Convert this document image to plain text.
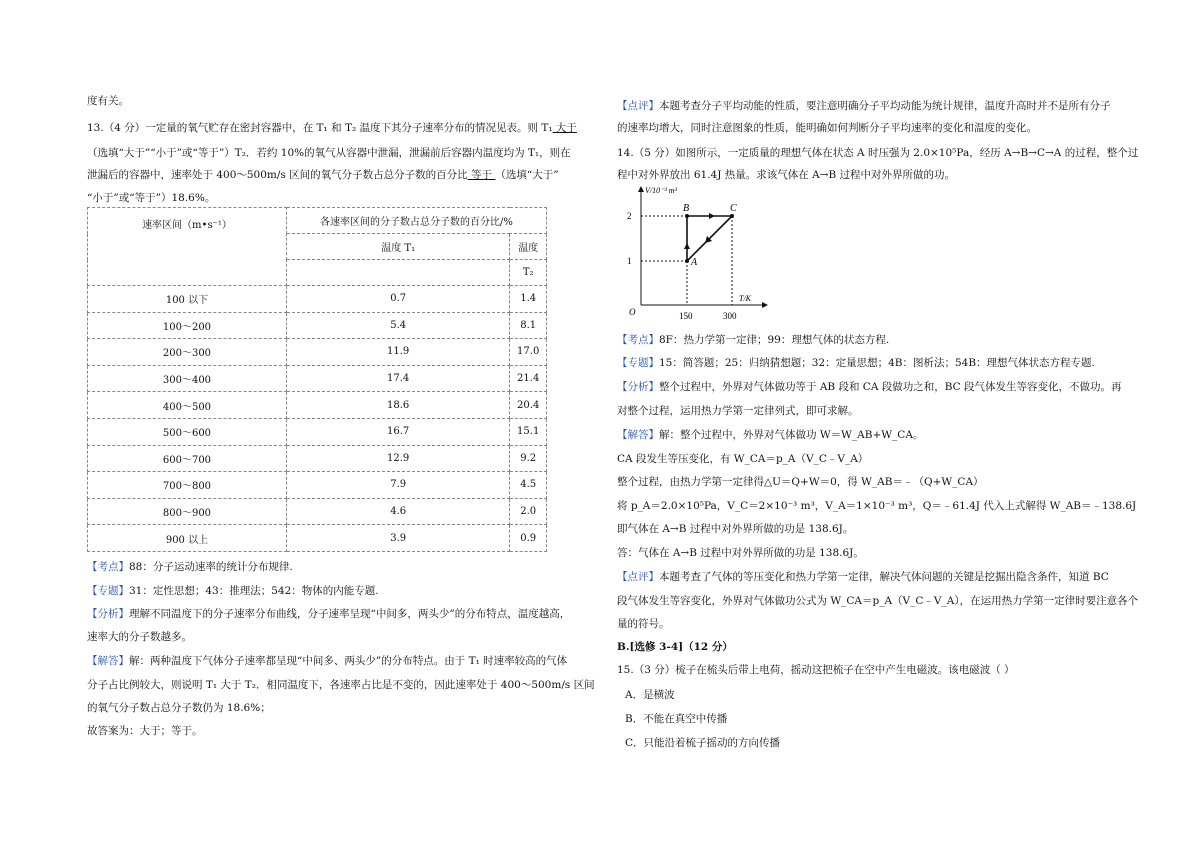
度有关。
13.（4 分）一定量的氧气贮存在密封容器中，在 T₁ 和 T₂ 温度下其分子速率分布的情况见表。则 T₁ 大于
（选填“大于”“小于”或“等于”）T₂．若约 10%的氧气从容器中泄漏，泄漏前后容器内温度均为 T₁，则在
泄漏后的容器中，速率处于 400～500m/s 区间的氧气分子数占总分子数的百分比 等于 （选填“大于”
“小于”或“等于”）18.6%。
速率区间（m•s⁻¹）	各速率区间的分子数占总分子数的百分比/%	
	温度 T₁	温度
		T₂
100 以下	0.7	1.4
100～200	5.4	8.1
200～300	11.9	17.0
300～400	17.4	21.4
400～500	18.6	20.4
500～600	16.7	15.1
600～700	12.9	9.2
700～800	7.9	4.5
800～900	4.6	2.0
900 以上	3.9	0.9
【考点】88：分子运动速率的统计分布规律.
【专题】31：定性思想；43：推理法；542：物体的内能专题.
【分析】理解不同温度下的分子速率分布曲线，分子速率呈现“中间多，两头少”的分布特点，温度越高，
速率大的分子数越多。
【解答】解：两种温度下气体分子速率都呈现“中间多、两头少”的分布特点。由于 T₁ 时速率较高的气体
分子占比例较大，则说明 T₁ 大于 T₂．相同温度下，各速率占比是不变的，因此速率处于 400～500m/s 区间
的氧气分子数占总分子数仍为 18.6%；
故答案为：大于；等于。
【点评】本题考查分子平均动能的性质，要注意明确分子平均动能为统计规律，温度升高时并不是所有分子
的速率均增大，同时注意图象的性质，能明确如何判断分子平均速率的变化和温度的变化。
14.（5 分）如图所示，一定质量的理想气体在状态 A 时压强为 2.0×10⁵Pa，经历 A→B→C→A 的过程，整个过
程中对外界放出 61.4J 热量。求该气体在 A→B 过程中对外界所做的功。
V/10⁻³ m³
T/K
O
2
1
150	300
A
B	C
【考点】8F：热力学第一定律；99：理想气体的状态方程.
【专题】15：简答题；25：归纳猜想题；32：定量思想；4B：图析法；54B：理想气体状态方程专题.
【分析】整个过程中，外界对气体做功等于 AB 段和 CA 段做功之和，BC 段气体发生等容变化，不做功。再
对整个过程，运用热力学第一定律列式，即可求解。
【解答】解：整个过程中，外界对气体做功 W＝W_AB+W_CA。
CA 段发生等压变化，有 W_CA＝p_A（V_C﹣V_A）
整个过程，由热力学第一定律得△U＝Q+W＝0，得 W_AB＝﹣（Q+W_CA）
将 p_A＝2.0×10⁵Pa，V_C＝2×10⁻³ m³，V_A＝1×10⁻³ m³，Q＝﹣61.4J 代入上式解得 W_AB＝﹣138.6J
即气体在 A→B 过程中对外界所做的功是 138.6J。
答：气体在 A→B 过程中对外界所做的功是 138.6J。
【点评】本题考查了气体的等压变化和热力学第一定律，解决气体问题的关键是挖掘出隐含条件，知道 BC
段气体发生等容变化，外界对气体做功公式为 W_CA＝p_A（V_C﹣V_A），在运用热力学第一定律时要注意各个
量的符号。
B.[选修 3-4]（12 分）
15.（3 分）梳子在梳头后带上电荷，摇动这把梳子在空中产生电磁波。该电磁波（ ）
A．是横波
B．不能在真空中传播
C．只能沿着梳子摇动的方向传播
